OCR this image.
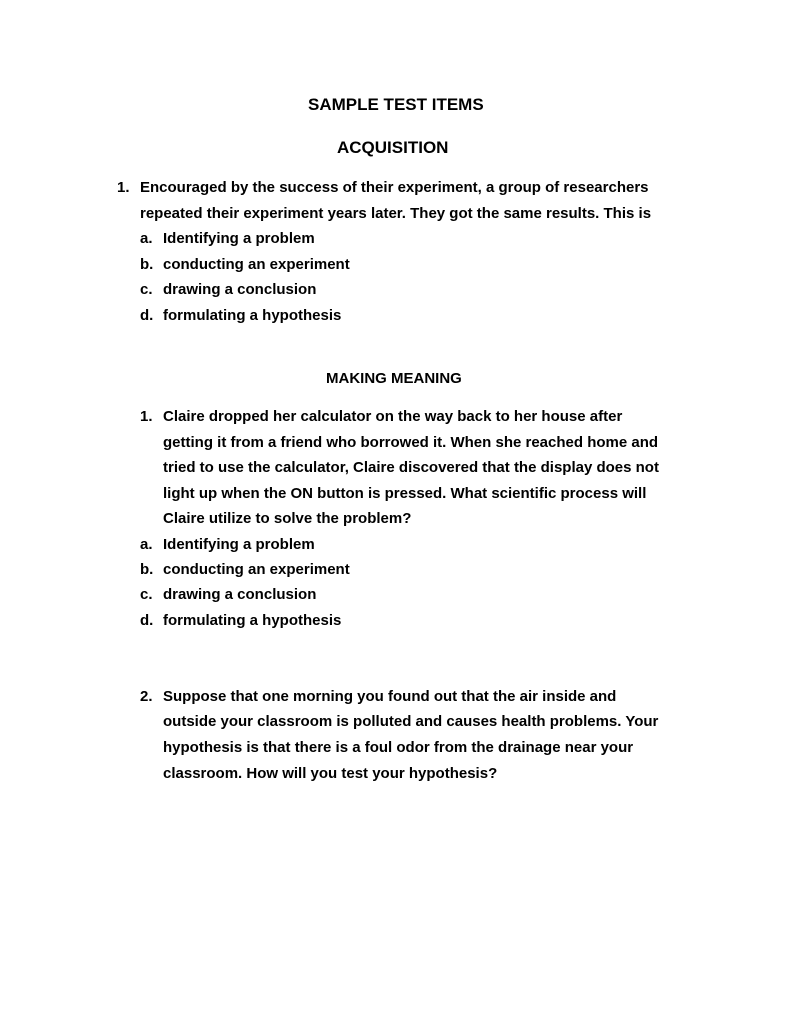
SAMPLE TEST ITEMS
ACQUISITION
1. Encouraged by the success of their experiment, a group of researchers
repeated their experiment years later. They got the same results. This is
a. Identifying a problem
b. conducting an experiment
c. drawing a conclusion
d. formulating a hypothesis
MAKING MEANING
1. Claire dropped her calculator on the way back to her house after
getting it from a friend who borrowed it. When she reached home and
tried to use the calculator, Claire discovered that the display does not
light up when the ON button is pressed. What scientific process will
Claire utilize to solve the problem?
a. Identifying a problem
b. conducting an experiment
c. drawing a conclusion
d. formulating a hypothesis
2. Suppose that one morning you found out that the air inside and
outside your classroom is polluted and causes health problems. Your
hypothesis is that there is a foul odor from the drainage near your
classroom. How will you test your hypothesis?
